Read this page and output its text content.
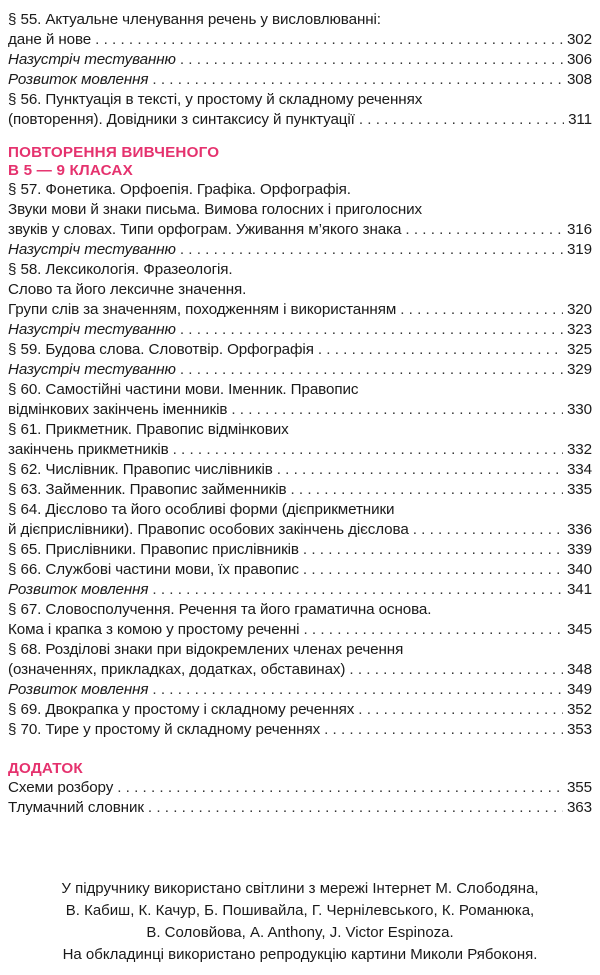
§ 55. Актуальне членування речень у висловлюванні:
дане й нове . . .	302
Назустріч тестуванню . . .	306
Розвиток мовлення . . .	308
§ 56. Пунктуація в тексті, у простому й складному реченнях
(повторення). Довідники з синтаксису й пунктуації . . .	311
ПОВТОРЕННЯ ВИВЧЕНОГО
В 5 — 9 КЛАСАХ
§ 57. Фонетика. Орфоепія. Графіка. Орфографія.
Звуки мови й знаки письма. Вимова голосних і приголосних
звуків у словах. Типи орфограм. Уживання м’якого знака . . .	316
Назустріч тестуванню . . .	319
§ 58. Лексикологія. Фразеологія.
Слово та його лексичне значення.
Групи слів за значенням, походженням і використанням . . .	320
Назустріч тестуванню . . .	323
§ 59. Будова слова. Словотвір. Орфографія . . .	325
Назустріч тестуванню . . .	329
§ 60. Самостійні частини мови. Іменник. Правопис
відмінкових закінчень іменників . . .	330
§ 61. Прикметник. Правопис відмінкових
закінчень прикметників . . .	332
§ 62. Числівник. Правопис числівників . . .	334
§ 63. Займенник. Правопис займенників . . .	335
§ 64. Дієслово та його особливі форми (дієприкметники
й дієприслівники). Правопис особових закінчень дієслова . . .	336
§ 65. Прислівники. Правопис прислівників . . .	339
§ 66. Службові частини мови, їх правопис . . .	340
Розвиток мовлення . . .	341
§ 67. Словосполучення. Речення та його граматична основа.
Кома і крапка з комою у простому реченні . . .	345
§ 68. Розділові знаки при відокремлених членах речення
(означеннях, прикладках, додатках, обставинах) . . .	348
Розвиток мовлення . . .	349
§ 69. Двокрапка у простому і складному реченнях . . .	352
§ 70. Тире у простому й складному реченнях . . .	353
ДОДАТОК
Схеми розбору . . .	355
Тлумачний словник . . .	363
У підручнику використано світлини з мережі Інтернет М. Слободяна,
В. Кабиш, К. Качур, Б. Пошивайла, Г. Чернілевського, К. Романюка,
В. Соловйова, A. Anthony, J. Victor Espinoza.
На обкладинці використано репродукцію картини Миколи Рябоконя.
